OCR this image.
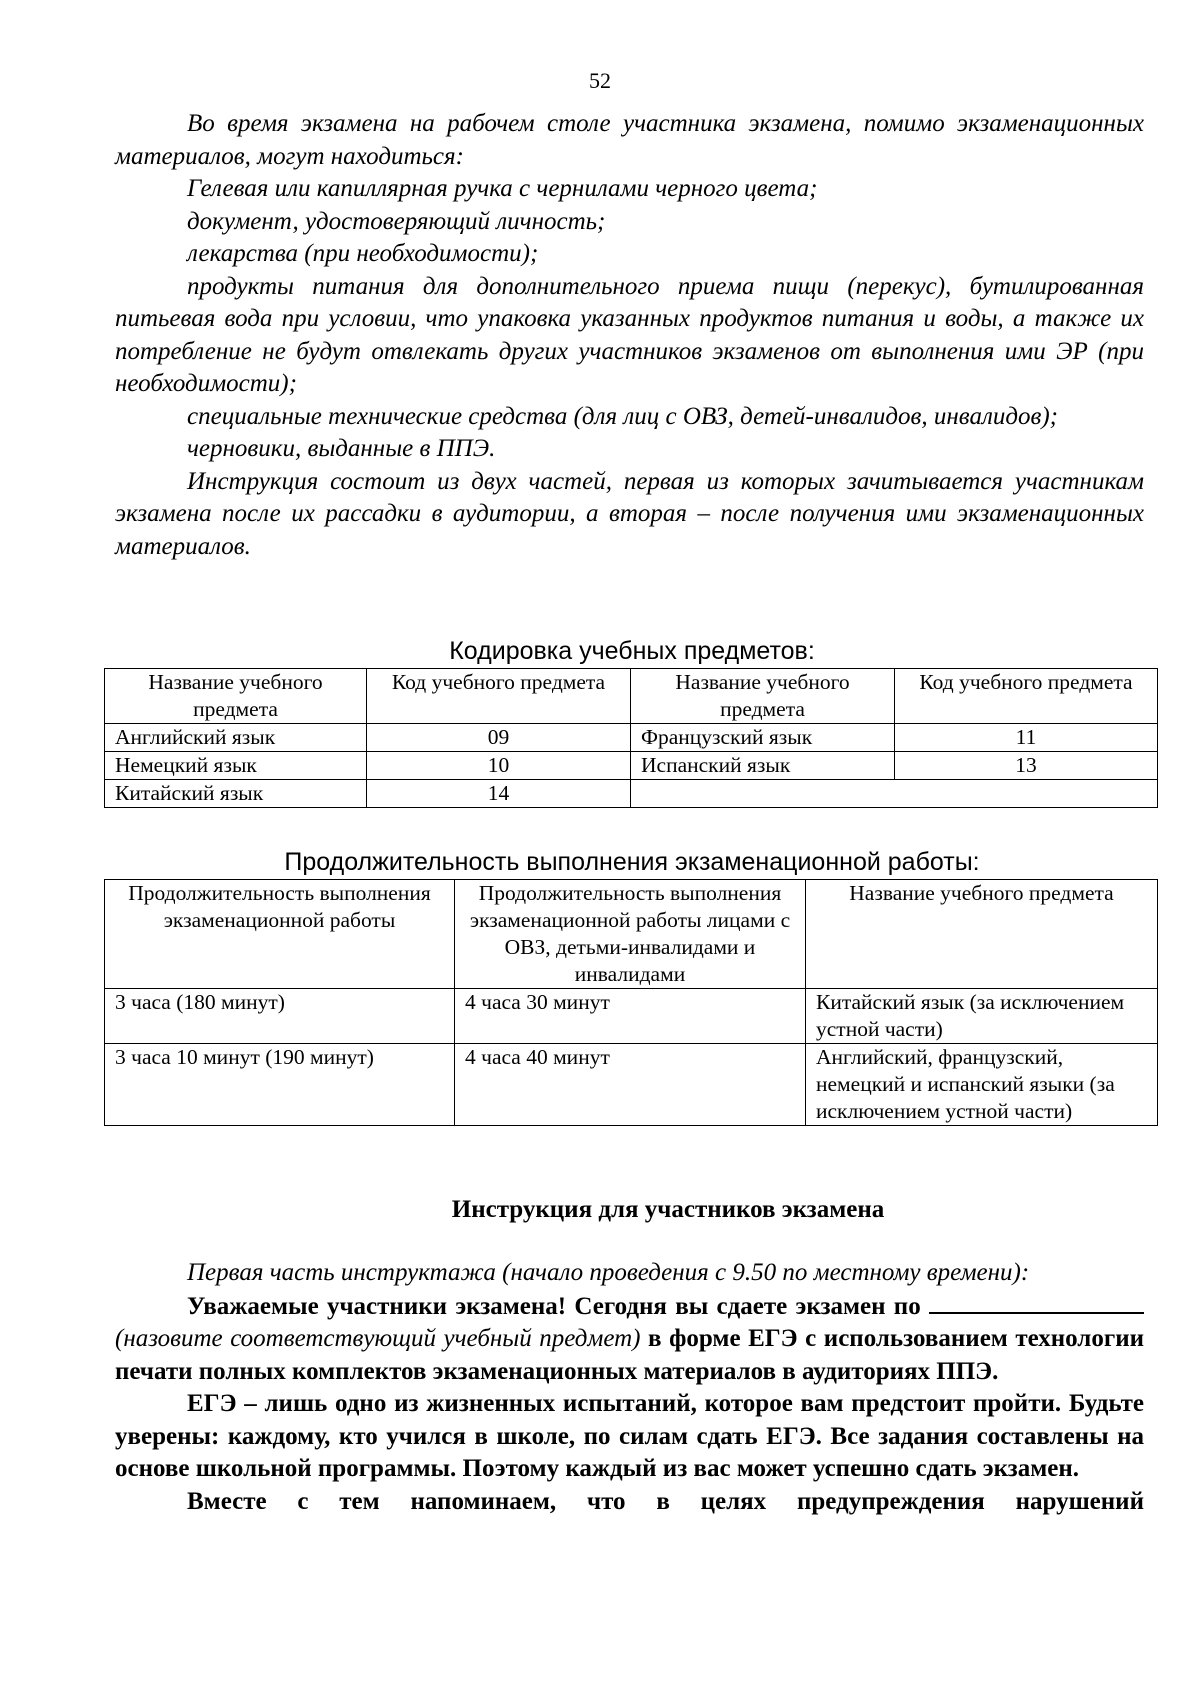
52

Во время экзамена на рабочем столе участника экзамена, помимо экзаменационных материалов, могут находиться:

Гелевая или капиллярная ручка с чернилами черного цвета;

документ, удостоверяющий личность;

лекарства (при необходимости);

продукты питания для дополнительного приема пищи (перекус), бутилированная питьевая вода при условии, что упаковка указанных продуктов питания и воды, а также их потребление не будут отвлекать других участников экзаменов от выполнения ими ЭР (при необходимости);

специальные технические средства (для лиц с ОВЗ, детей-инвалидов, инвалидов);

черновики, выданные в ППЭ.

Инструкция состоит из двух частей, первая из которых зачитывается участникам экзамена после их рассадки в аудитории, а вторая – после получения ими экзаменационных материалов.

Кодировка учебных предметов:
Название учебного предмета	Код учебного предмета	Название учебного предмета	Код учебного предмета
Английский язык	09	Французский язык	11
Немецкий язык	10	Испанский язык	13
Китайский язык	14		
Продолжительность выполнения экзаменационной работы:
Продолжительность выполнения экзаменационной работы	Продолжительность выполнения экзаменационной работы лицами с ОВЗ, детьми-инвалидами и инвалидами	Название учебного предмета
3 часа (180 минут)	4 часа 30 минут	Китайский язык (за исключением устной части)
3 часа 10 минут (190 минут)	4 часа 40 минут	Английский, французский, немецкий и испанский языки (за исключением устной части)
Инструкция для участников экзамена

Первая часть инструктажа (начало проведения с 9.50 по местному времени):

Уважаемые участники экзамена! Сегодня вы сдаете экзамен по  (назовите соответствующий учебный предмет) в форме ЕГЭ с использованием технологии печати полных комплектов экзаменационных материалов в аудиториях ППЭ.

ЕГЭ – лишь одно из жизненных испытаний, которое вам предстоит пройти. Будьте уверены: каждому, кто учился в школе, по силам сдать ЕГЭ. Все задания составлены на основе школьной программы. Поэтому каждый из вас может успешно сдать экзамен.

Вместе с тем напоминаем, что в целях предупреждения нарушений
